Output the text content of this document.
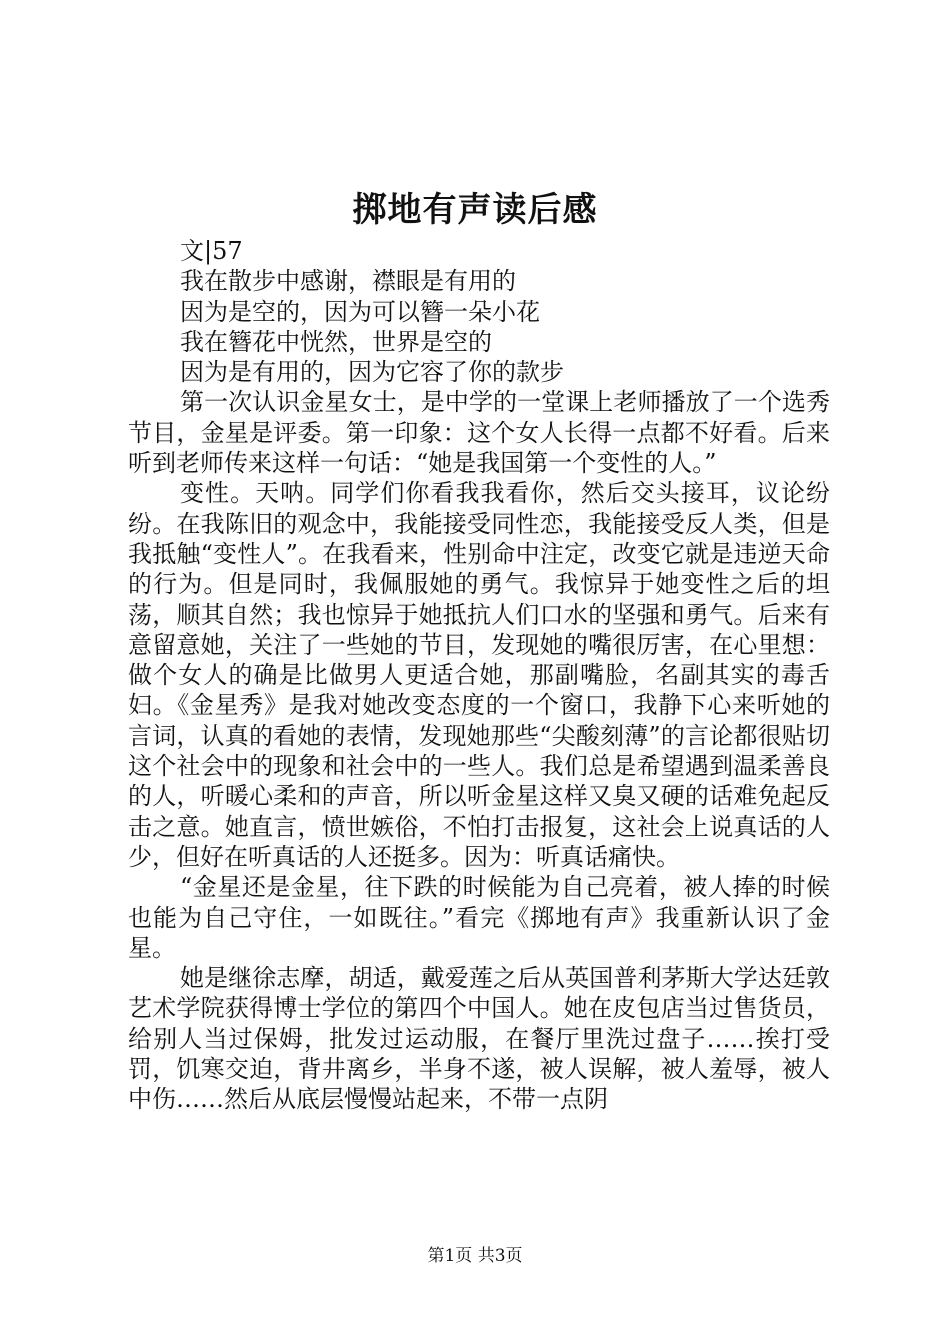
掷地有声读后感

文|57

我在散步中感谢，襟眼是有用的

因为是空的，因为可以簪一朵小花

我在簪花中恍然，世界是空的

因为是有用的，因为它容了你的款步

第一次认识金星女士，是中学的一堂课上老师播放了一个选秀节目，金星是评委。第一印象：这个女人长得一点都不好看。后来听到老师传来这样一句话：“她是我国第一个变性的人。”

变性。天呐。同学们你看我我看你，然后交头接耳，议论纷纷。在我陈旧的观念中，我能接受同性恋，我能接受反人类，但是我抵触“变性人”。在我看来，性别命中注定，改变它就是违逆天命的行为。但是同时，我佩服她的勇气。我惊异于她变性之后的坦荡，顺其自然；我也惊异于她抵抗人们口水的坚强和勇气。后来有意留意她，关注了一些她的节目，发现她的嘴很厉害，在心里想：做个女人的确是比做男人更适合她，那副嘴脸，名副其实的毒舌妇。《金星秀》是我对她改变态度的一个窗口，我静下心来听她的言词，认真的看她的表情，发现她那些“尖酸刻薄”的言论都很贴切这个社会中的现象和社会中的一些人。我们总是希望遇到温柔善良的人，听暖心柔和的声音，所以听金星这样又臭又硬的话难免起反击之意。她直言，愤世嫉俗，不怕打击报复，这社会上说真话的人少，但好在听真话的人还挺多。因为：听真话痛快。

“金星还是金星，往下跌的时候能为自己亮着，被人捧的时候也能为自己守住，一如既往。”看完《掷地有声》我重新认识了金星。

她是继徐志摩，胡适，戴爱莲之后从英国普利茅斯大学达廷敦艺术学院获得博士学位的第四个中国人。她在皮包店当过售货员，给别人当过保姆，批发过运动服，在餐厅里洗过盘子……挨打受罚，饥寒交迫，背井离乡，半身不遂，被人误解，被人羞辱，被人中伤……然后从底层慢慢站起来，不带一点阴

第1页 共3页
